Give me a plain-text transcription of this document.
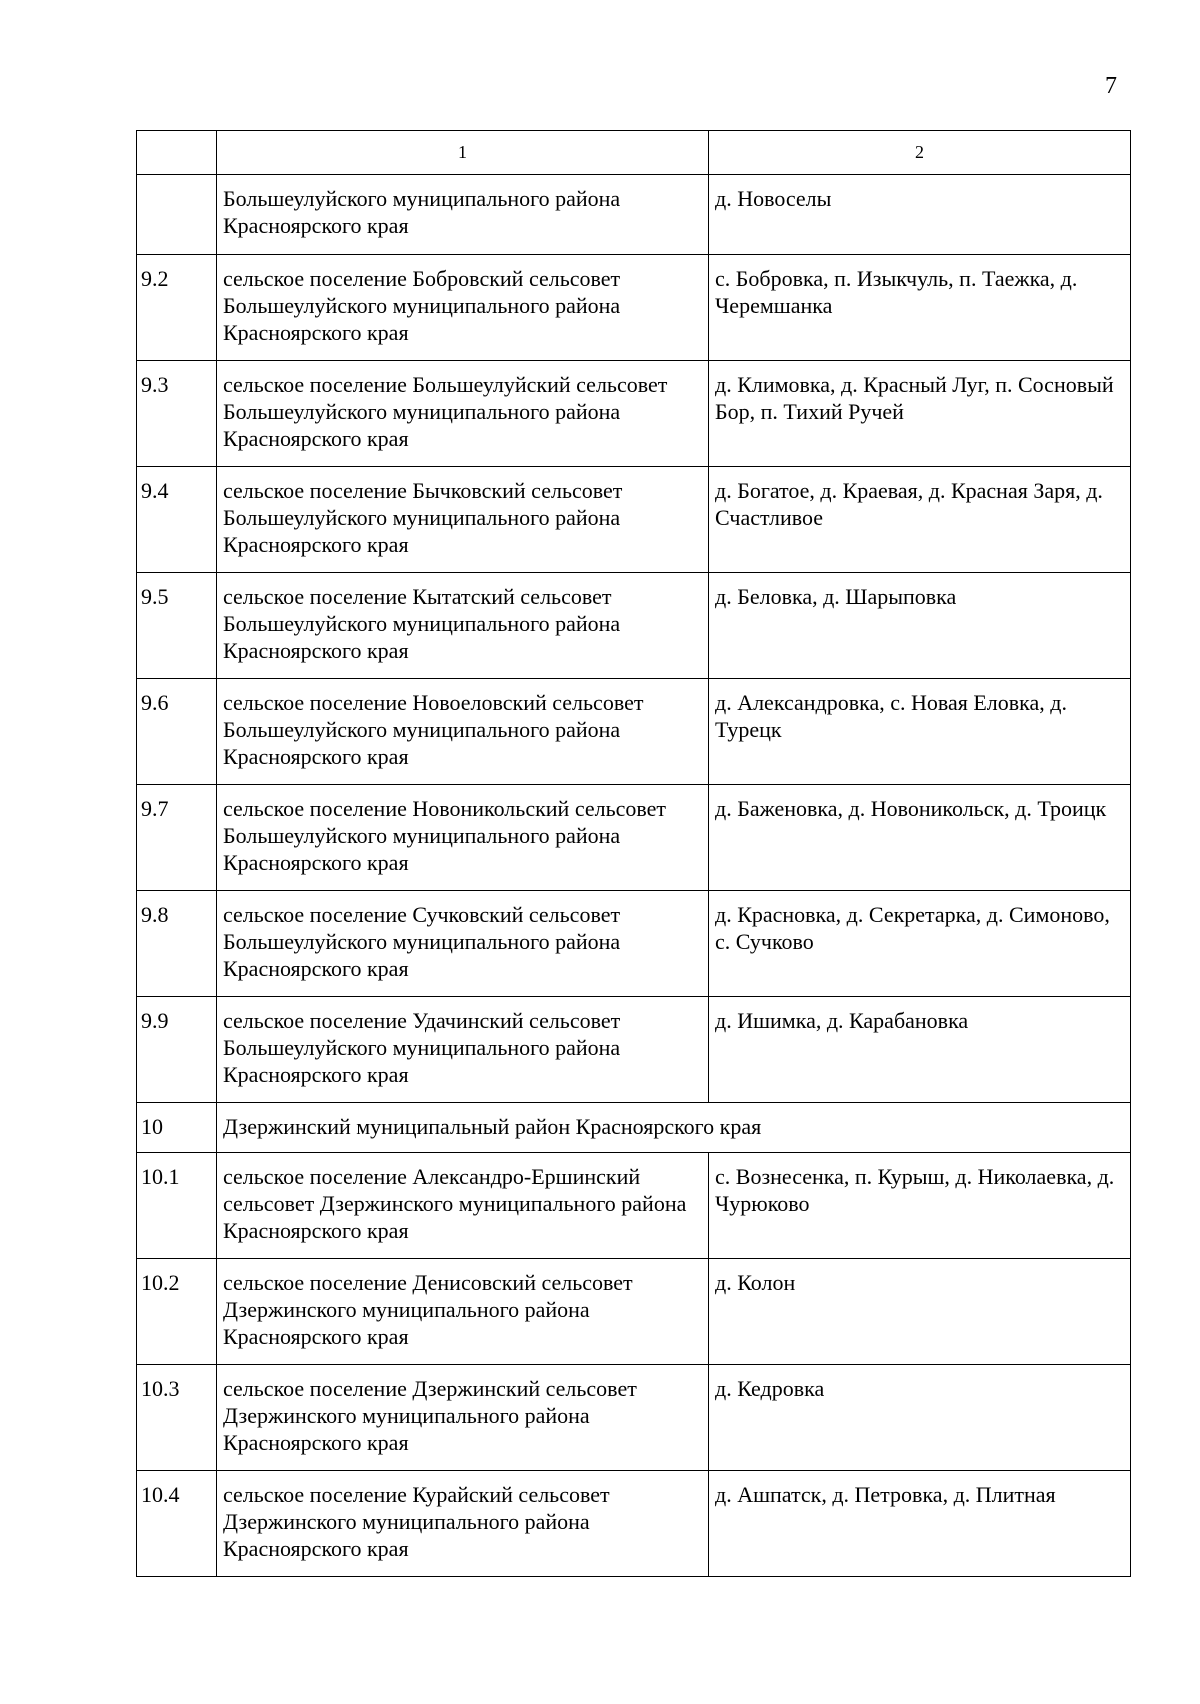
7
	1	2
	Большеулуйского муниципального района Красноярского края	д. Новоселы
9.2	сельское поселение Бобровский сельсовет Большеулуйского муниципального района Красноярского края	с. Бобровка, п. Изыкчуль, п. Таежка, д. Черемшанка
9.3	сельское поселение Большеулуйский сельсовет Большеулуйского муниципального района Красноярского края	д. Климовка, д. Красный Луг, п. Сосновый Бор, п. Тихий Ручей
9.4	сельское поселение Бычковский сельсовет Большеулуйского муниципального района Красноярского края	д. Богатое, д. Краевая, д. Красная Заря, д. Счастливое
9.5	сельское поселение Кытатский сельсовет Большеулуйского муниципального района Красноярского края	д. Беловка, д. Шарыповка
9.6	сельское поселение Новоеловский сельсовет Большеулуйского муниципального района Красноярского края	д. Александровка, с. Новая Еловка, д. Турецк
9.7	сельское поселение Новоникольский сельсовет Большеулуйского муниципального района Красноярского края	д. Баженовка, д. Новоникольск, д. Троицк
9.8	сельское поселение Сучковский сельсовет Большеулуйского муниципального района Красноярского края	д. Красновка, д. Секретарка, д. Симоново, с. Сучково
9.9	сельское поселение Удачинский сельсовет Большеулуйского муниципального района Красноярского края	д. Ишимка, д. Карабановка
10	Дзержинский муниципальный район Красноярского края	
10.1	сельское поселение Александро-Ершинский сельсовет Дзержинского муниципального района Красноярского края	с. Вознесенка, п. Курыш, д. Николаевка, д. Чурюково
10.2	сельское поселение Денисовский сельсовет Дзержинского муниципального района Красноярского края	д. Колон
10.3	сельское поселение Дзержинский сельсовет Дзержинского муниципального района Красноярского края	д. Кедровка
10.4	сельское поселение Курайский сельсовет Дзержинского муниципального района Красноярского края	д. Ашпатск, д. Петровка, д. Плитная
